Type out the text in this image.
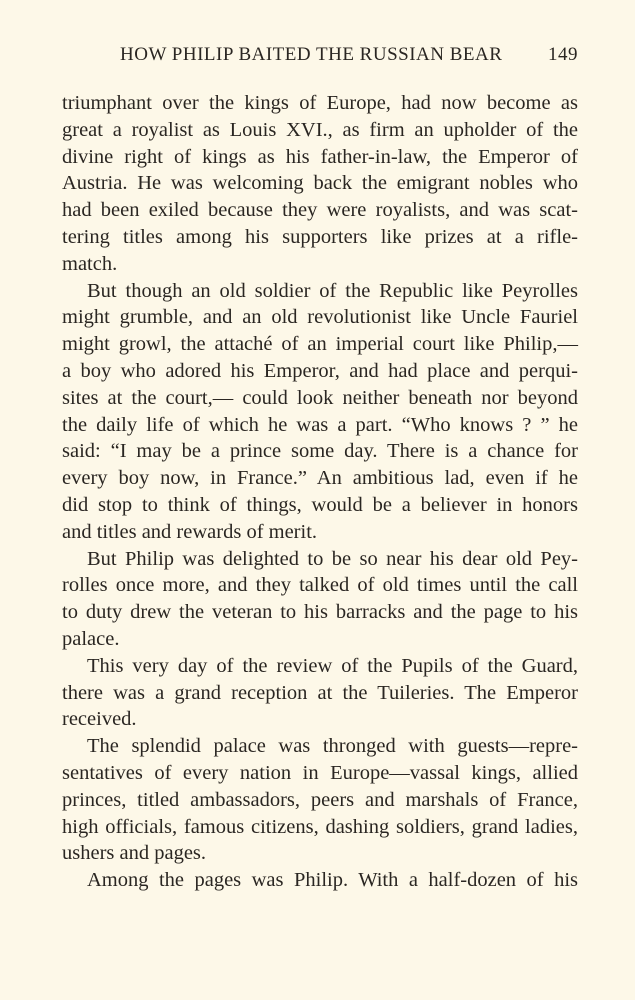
HOW PHILIP BAITED THE RUSSIAN BEAR 149
triumphant over the kings of Europe, had now become as
great a royalist as Louis XVI., as firm an upholder of the
divine right of kings as his father-in-law, the Emperor of
Austria. He was welcoming back the emigrant nobles who
had been exiled because they were royalists, and was scat-
tering titles among his supporters like prizes at a rifle-
match.
But though an old soldier of the Republic like Peyrolles
might grumble, and an old revolutionist like Uncle Fauriel
might growl, the attaché of an imperial court like Philip,—
a boy who adored his Emperor, and had place and perqui-
sites at the court,— could look neither beneath nor beyond
the daily life of which he was a part. “Who knows ? ” he
said: “I may be a prince some day. There is a chance for
every boy now, in France.” An ambitious lad, even if he
did stop to think of things, would be a believer in honors
and titles and rewards of merit.
But Philip was delighted to be so near his dear old Pey-
rolles once more, and they talked of old times until the call
to duty drew the veteran to his barracks and the page to his
palace.
This very day of the review of the Pupils of the Guard,
there was a grand reception at the Tuileries. The Emperor
received.
The splendid palace was thronged with guests—repre-
sentatives of every nation in Europe—vassal kings, allied
princes, titled ambassadors, peers and marshals of France,
high officials, famous citizens, dashing soldiers, grand ladies,
ushers and pages.
Among the pages was Philip. With a half-dozen of his
